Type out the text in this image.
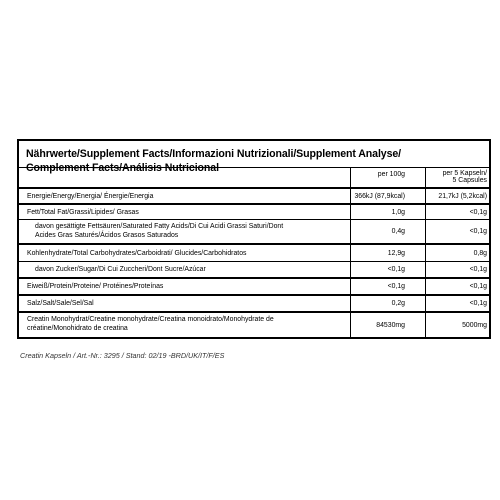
Nährwerte/Supplement Facts/Informazioni Nutrizionali/Supplement Analyse/
Complement Facts/Análisis Nutricional	per 100g	per 5 Kapseln/
5 Capsules
Energie/Energy/Energia/ Énergie/Energia	366kJ (87,9kcal)	21,7kJ (5,2kcal)
Fett/Total Fat/Grassi/Lipides/ Grasas	1,0g	<0,1g
davon gesättigte Fettsäuren/Saturated Fatty Acids/Di Cui Acidi Grassi Saturi/Dont
Acides Gras Saturés/Ácidos Grasos Saturados	0,4g	<0,1g
Kohlenhydrate/Total Carbohydrates/Carboidrati/ Glucides/Carbohidratos	12,9g	0,8g
davon Zucker/Sugar/Di Cui Zuccheri/Dont Sucre/Azúcar	<0,1g	<0,1g
Eiweiß/Protein/Proteine/ Protéines/Proteínas	<0,1g	<0,1g
Salz/Salt/Sale/Sel/Sal	0,2g	<0,1g
Creatin Monohydrat/Creatine monohydrate/Creatina monoidrato/Monohydrate de
créatine/Monohidrato de creatina	84530mg	5000mg
Creatin Kapseln / Art.-Nr.: 3295 / Stand: 02/19 -BRD/UK/IT/F/ES
